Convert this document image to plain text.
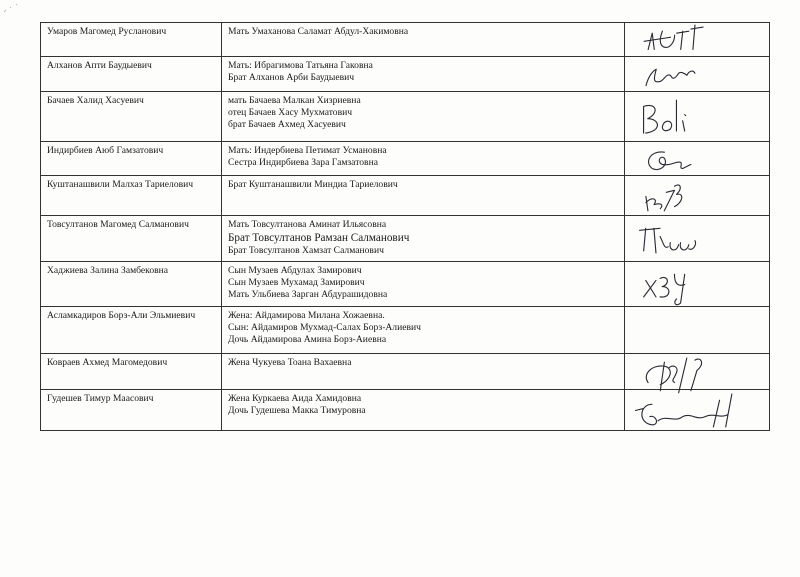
Умаров Магомед Русланович	Мать Умаханова Саламат Абдул-Хакимовна

Алханов Апти Баудыевич	Мать: Ибрагимова Татьяна Гаковна
Брат Алханов Арби Баудыевич

Бачаев Халид Хасуевич	мать Бачаева Малкан Хизриевна
отец Бачаев Хасу Мухматович
брат Бачаев Ахмед Хасуевич

Индирбиев Аюб Гамзатович	Мать: Индербиева Петимат Усмановна
Сестра Индирбиева Зара Гамзатовна

Куштанашвили Малхаз Тариелович	Брат Куштанашвили Миндиа Тариелович

Товсултанов Магомед Салманович	Мать Товсултанова Аминат Ильясовна
Брат Товсултанов Рамзан Салманович
Брат Товсултанов Хамзат Салманович

Хаджиева Залина Замбековна	Сын Музаев Абдулах Замирович
Сын Музаев Мухамад Замирович
Мать Ульбиева Зарган Абдурашидовна

Асламкадиров Борз-Али Эльмиевич	Жена: Айдамирова Милана Хожаевна.
Сын: Айдамиров Мухмад-Салах Борз-Алиевич
Дочь Айдамирова Амина Борз-Аиевна	

Ковраев Ахмед Магомедович	Жена Чукуева Тоана Вахаевна

Гудешев Тимур Маасович	Жена Куркаева Аида Хамидовна
Дочь Гудешева Макка Тимуровна
